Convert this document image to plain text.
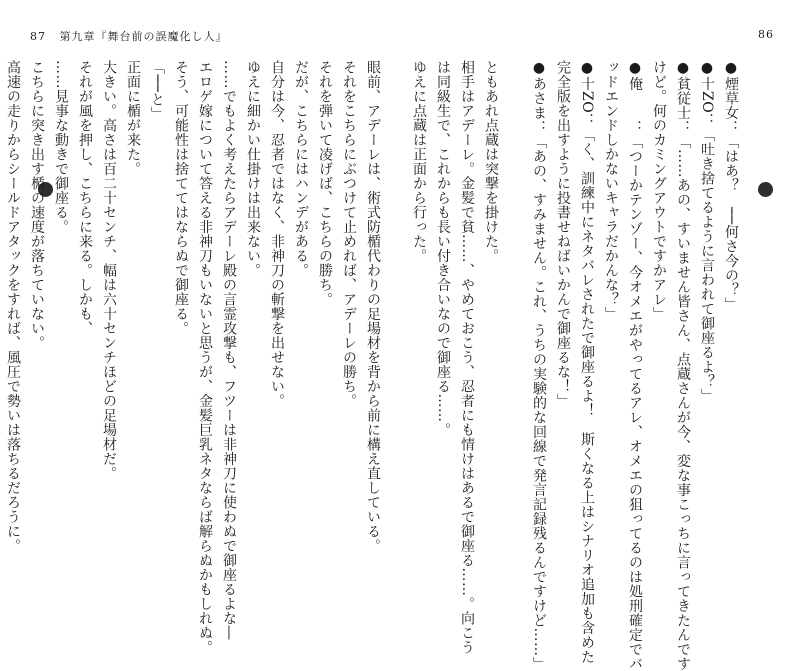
87 第九章『舞台前の誤魔化し人』	86
眼前、アデーレは、術式防楯代わりの足場材を背から前に構え直している。
それをこちらにぶつけて止めれば、アデーレの勝ち。
それを弾いて凌げば、こちらの勝ち。
だが、こちらにはハンデがある。
自分は今、忍者ではなく、非神刀の斬撃を出せない。
ゆえに細かい仕掛けは出来ない。
……でもよく考えたらアデーレ殿の言霊攻撃も、フツーは非神刀に使わぬで御座るよな―
エロゲ嫁について答える非神刀もいないと思うが、金髪巨乳ネタならば解らぬかもしれぬ。
そう、可能性は捨ててはならぬで御座る。
「──と」
正面に楯が来た。
大きい。高さは百二十センチ、幅は六十センチほどの足場材だ。
それが風を押し、こちらに来る。しかも、
……見事な動きで御座る。
こちらに突き出す楯の速度が落ちていない。
高速の走りからシールドアタックをすれば、風圧で勢いは落ちるだろうに。	●煙草女：「はあ？　──何さ今の？」
●十ZO：「吐き捨てるように言われて御座るよ？」
●貧従士：「……あの、すいません皆さん、点蔵さんが今、変な事こっちに言ってきたんです
けど。何のカミングアウトですかアレ」
●俺　　：「つーかテンゾー、今オメエがやってるアレ、オメエの狙ってるのは処刑確定でバ
ッドエンドしかないキャラだかんな？」
●十ZO：「く、訓練中にネタバレされたで御座るよ！　斯くなる上はシナリオ追加も含めた
完全版を出すように投書せねばいかんで御座るな！」
●あさま：「あの、すみません。これ、うちの実験的な回線で発言記録残るんですけど……」

ともあれ点蔵は突撃を掛けた。
相手はアデーレ。金髪で貧……、やめておこう、忍者にも情けはあるで御座る……。向こう
は同級生で、これからも長い付き合いなので御座る……。
ゆえに点蔵は正面から行った。
